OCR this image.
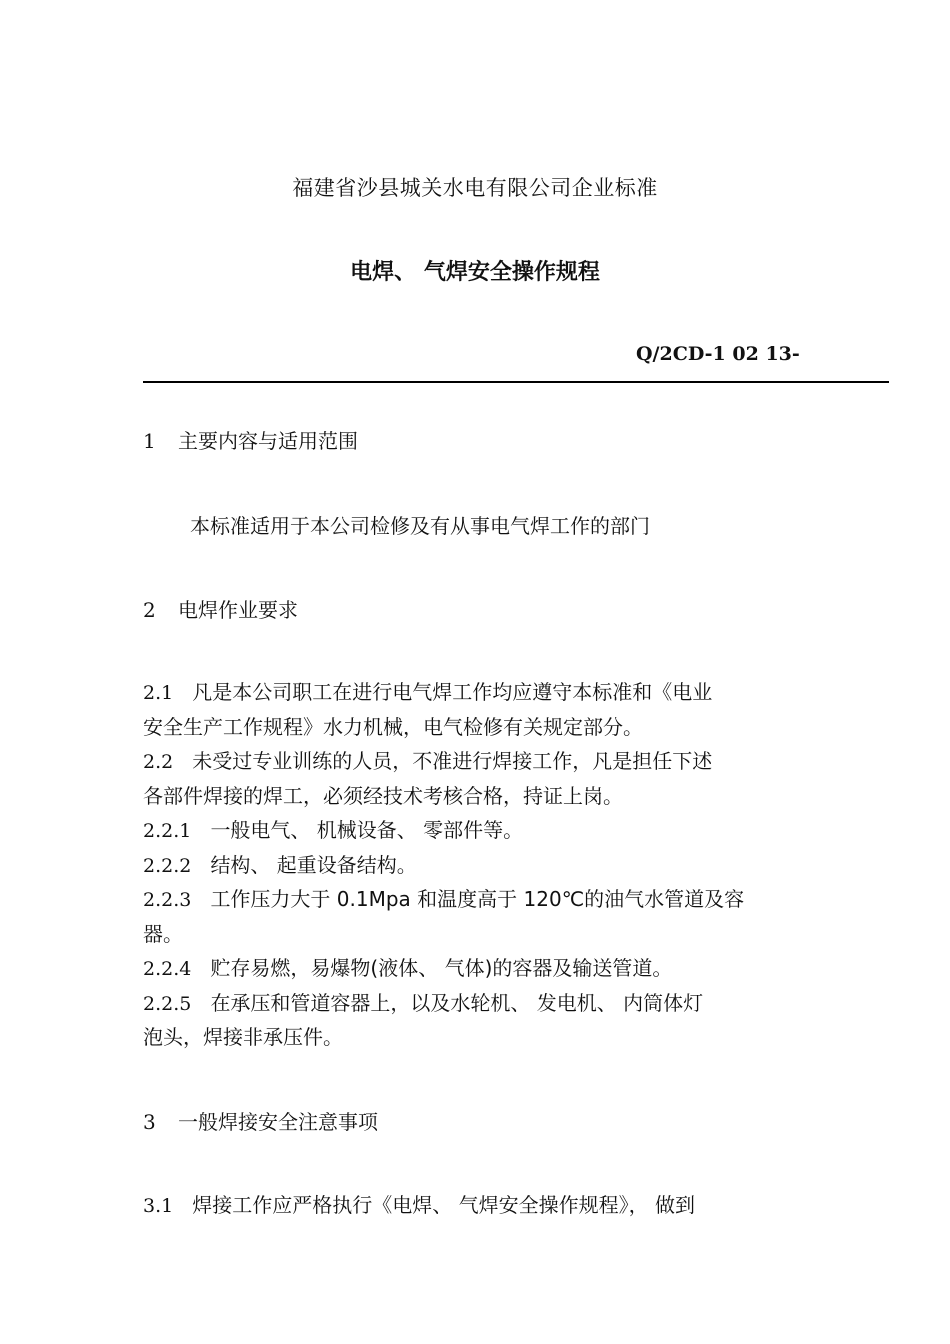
福建省沙县城关水电有限公司企业标准
电焊、 气焊安全操作规程
Q/2CD-1 02 13-
1 主要内容与适用范围
本标准适用于本公司检修及有从事电气焊工作的部门
2 电焊作业要求
2.1 凡是本公司职工在进行电气焊工作均应遵守本标准和《电业
安全生产工作规程》水力机械，电气检修有关规定部分。
2.2 未受过专业训练的人员，不准进行焊接工作，凡是担任下述
各部件焊接的焊工，必须经技术考核合格，持证上岗。
2.2.1 一般电气、 机械设备、 零部件等。
2.2.2 结构、 起重设备结构。
2.2.3 工作压力大于 0.1Mpa 和温度高于 120℃的油气水管道及容
器。
2.2.4 贮存易燃，易爆物(液体、 气体)的容器及输送管道。
2.2.5 在承压和管道容器上，以及水轮机、 发电机、 内筒体灯
泡头，焊接非承压件。
3 一般焊接安全注意事项
3.1 焊接工作应严格执行《电焊、 气焊安全操作规程》， 做到
